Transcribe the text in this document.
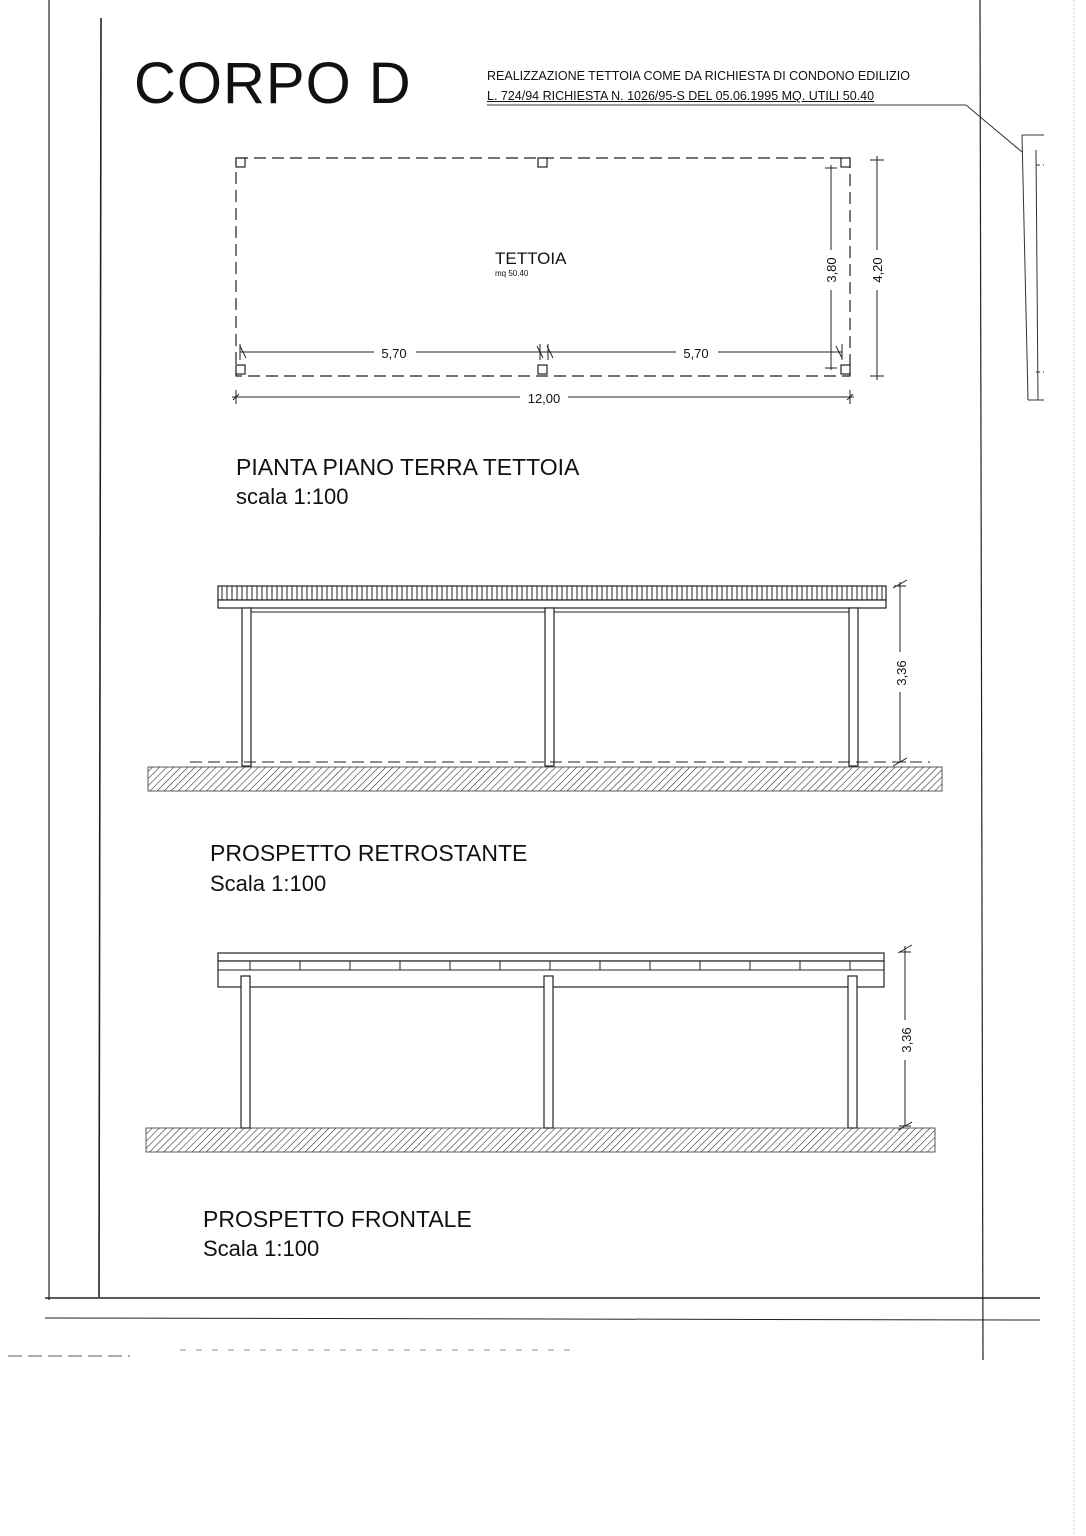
TETTOIA
mq 50.40
5,70	5,70
12,00
3,80 4,20
3,36
3,36
CORPO D	REALIZZAZIONE TETTOIA COME DA RICHIESTA DI CONDONO EDILIZIO
L. 724/94 RICHIESTA N. 1026/95-S DEL 05.06.1995 MQ. UTILI 50.40
PIANTA PIANO TERRA TETTOIA
scala 1:100
PROSPETTO RETROSTANTE
Scala 1:100
PROSPETTO FRONTALE
Scala 1:100
